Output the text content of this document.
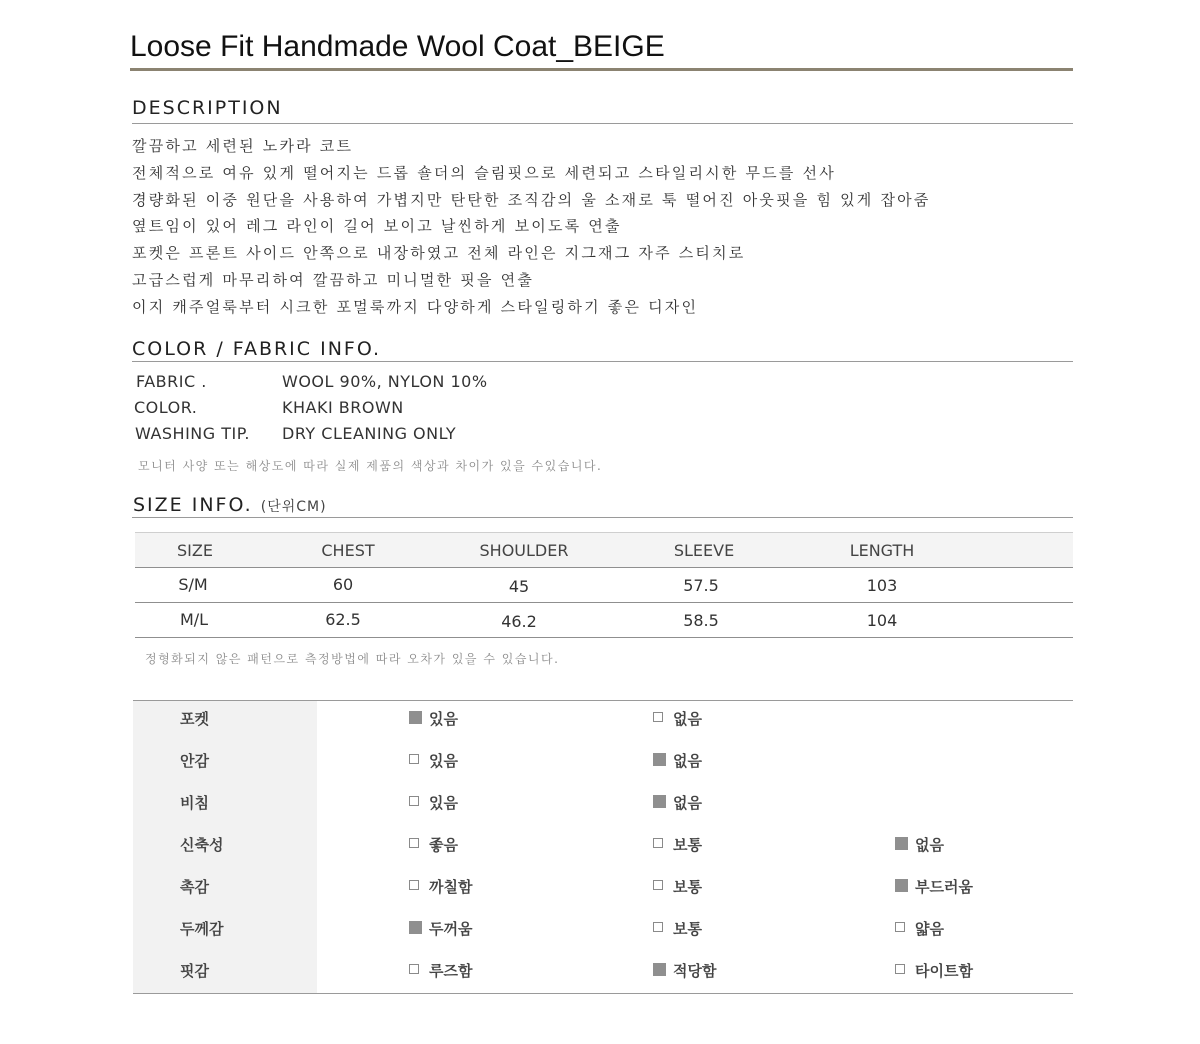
Loose Fit Handmade Wool Coat_BEIGE
DESCRIPTION
깔끔하고 세련된 노카라 코트
전체적으로 여유 있게 떨어지는 드롭 숄더의 슬림핏으로 세련되고 스타일리시한 무드를 선사
경량화된 이중 원단을 사용하여 가볍지만 탄탄한 조직감의 울 소재로 툭 떨어진 아웃핏을 힘 있게 잡아줌
옆트임이 있어 레그 라인이 길어 보이고 날씬하게 보이도록 연출
포켓은 프론트 사이드 안쪽으로 내장하였고 전체 라인은 지그재그 자주 스티치로
고급스럽게 마무리하여 깔끔하고 미니멀한 핏을 연출
이지 캐주얼룩부터 시크한 포멀룩까지 다양하게 스타일링하기 좋은 디자인
COLOR / FABRIC INFO.
FABRIC .	WOOL 90%, NYLON 10%
COLOR.	KHAKI BROWN
WASHING TIP. DRY CLEANING ONLY
모니터 사양 또는 해상도에 따라 실제 제품의 색상과 차이가 있을 수있습니다.
SIZE INFO. (단위CM)
SIZE	CHEST	SHOULDER	SLEEVE	LENGTH
S/M	60	45	57.5	103
M/L	62.5	46.2	58.5	104
정형화되지 않은 패턴으로 측정방법에 따라 오차가 있을 수 있습니다.
포켓	있음	없음
안감	있음	없음
비침	있음	없음
신축성	좋음	보통	없음
촉감	까칠함	보통	부드러움
두께감	두꺼움	보통	얇음
핏감	루즈함	적당함	타이트함
